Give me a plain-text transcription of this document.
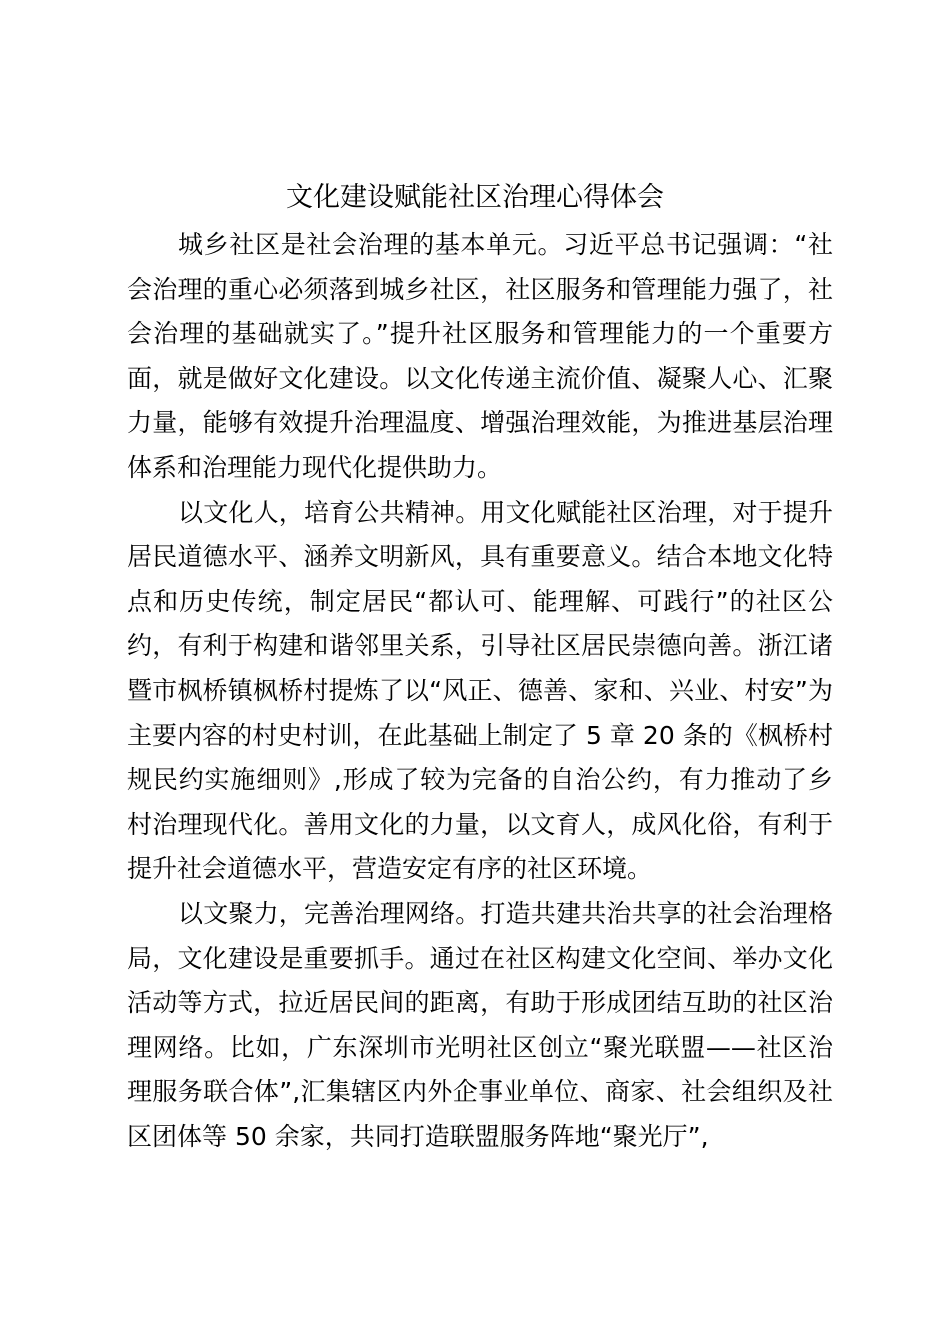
文化建设赋能社区治理心得体会

城乡社区是社会治理的基本单元。习近平总书记强调：“社会治理的重心必须落到城乡社区，社区服务和管理能力强了，社会治理的基础就实了。”提升社区服务和管理能力的一个重要方面，就是做好文化建设。以文化传递主流价值、凝聚人心、汇聚力量，能够有效提升治理温度、增强治理效能，为推进基层治理体系和治理能力现代化提供助力。

以文化人，培育公共精神。用文化赋能社区治理，对于提升居民道德水平、涵养文明新风，具有重要意义。结合本地文化特点和历史传统，制定居民“都认可、能理解、可践行”的社区公约，有利于构建和谐邻里关系，引导社区居民崇德向善。浙江诸暨市枫桥镇枫桥村提炼了以“风正、德善、家和、兴业、村安”为主要内容的村史村训，在此基础上制定了 5 章 20 条的《枫桥村规民约实施细则》,形成了较为完备的自治公约，有力推动了乡村治理现代化。善用文化的力量，以文育人，成风化俗，有利于提升社会道德水平，营造安定有序的社区环境。

以文聚力，完善治理网络。打造共建共治共享的社会治理格局，文化建设是重要抓手。通过在社区构建文化空间、举办文化活动等方式，拉近居民间的距离，有助于形成团结互助的社区治理网络。比如，广东深圳市光明社区创立“聚光联盟——社区治理服务联合体”,汇集辖区内外企事业单位、商家、社会组织及社区团体等 50 余家，共同打造联盟服务阵地“聚光厅”,
